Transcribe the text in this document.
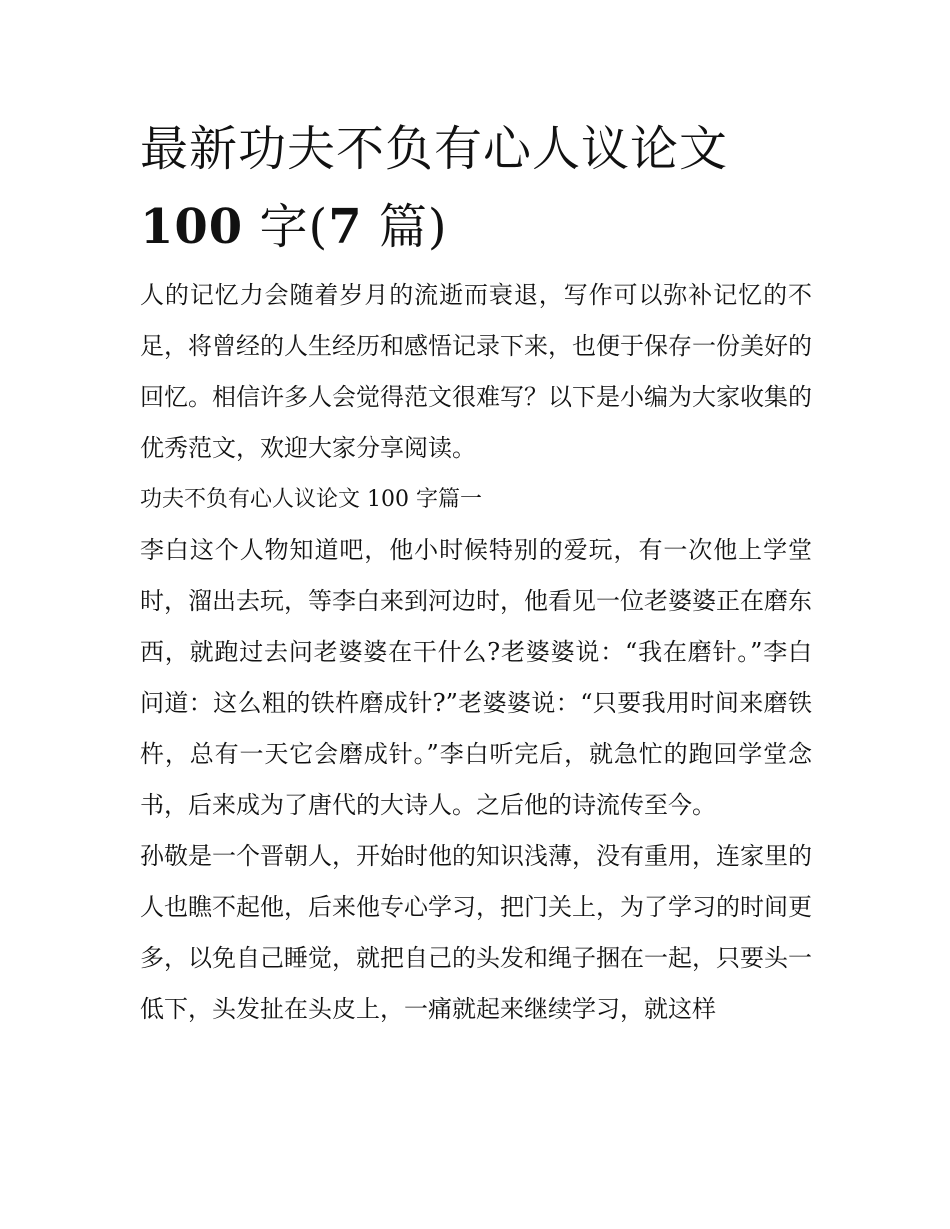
最新功夫不负有心人议论文
100 字(7 篇)

人的记忆力会随着岁月的流逝而衰退，写作可以弥补记忆的不足，将曾经的人生经历和感悟记录下来，也便于保存一份美好的回忆。相信许多人会觉得范文很难写？以下是小编为大家收集的优秀范文，欢迎大家分享阅读。

功夫不负有心人议论文 100 字篇一

李白这个人物知道吧，他小时候特别的爱玩，有一次他上学堂时，溜出去玩，等李白来到河边时，他看见一位老婆婆正在磨东西，就跑过去问老婆婆在干什么?老婆婆说：“我在磨针。”李白问道：这么粗的铁杵磨成针?”老婆婆说：“只要我用时间来磨铁杵，总有一天它会磨成针。”李白听完后，就急忙的跑回学堂念书，后来成为了唐代的大诗人。之后他的诗流传至今。

孙敬是一个晋朝人，开始时他的知识浅薄，没有重用，连家里的人也瞧不起他，后来他专心学习，把门关上，为了学习的时间更多，以免自己睡觉，就把自己的头发和绳子捆在一起，只要头一低下，头发扯在头皮上，一痛就起来继续学习，就这样
